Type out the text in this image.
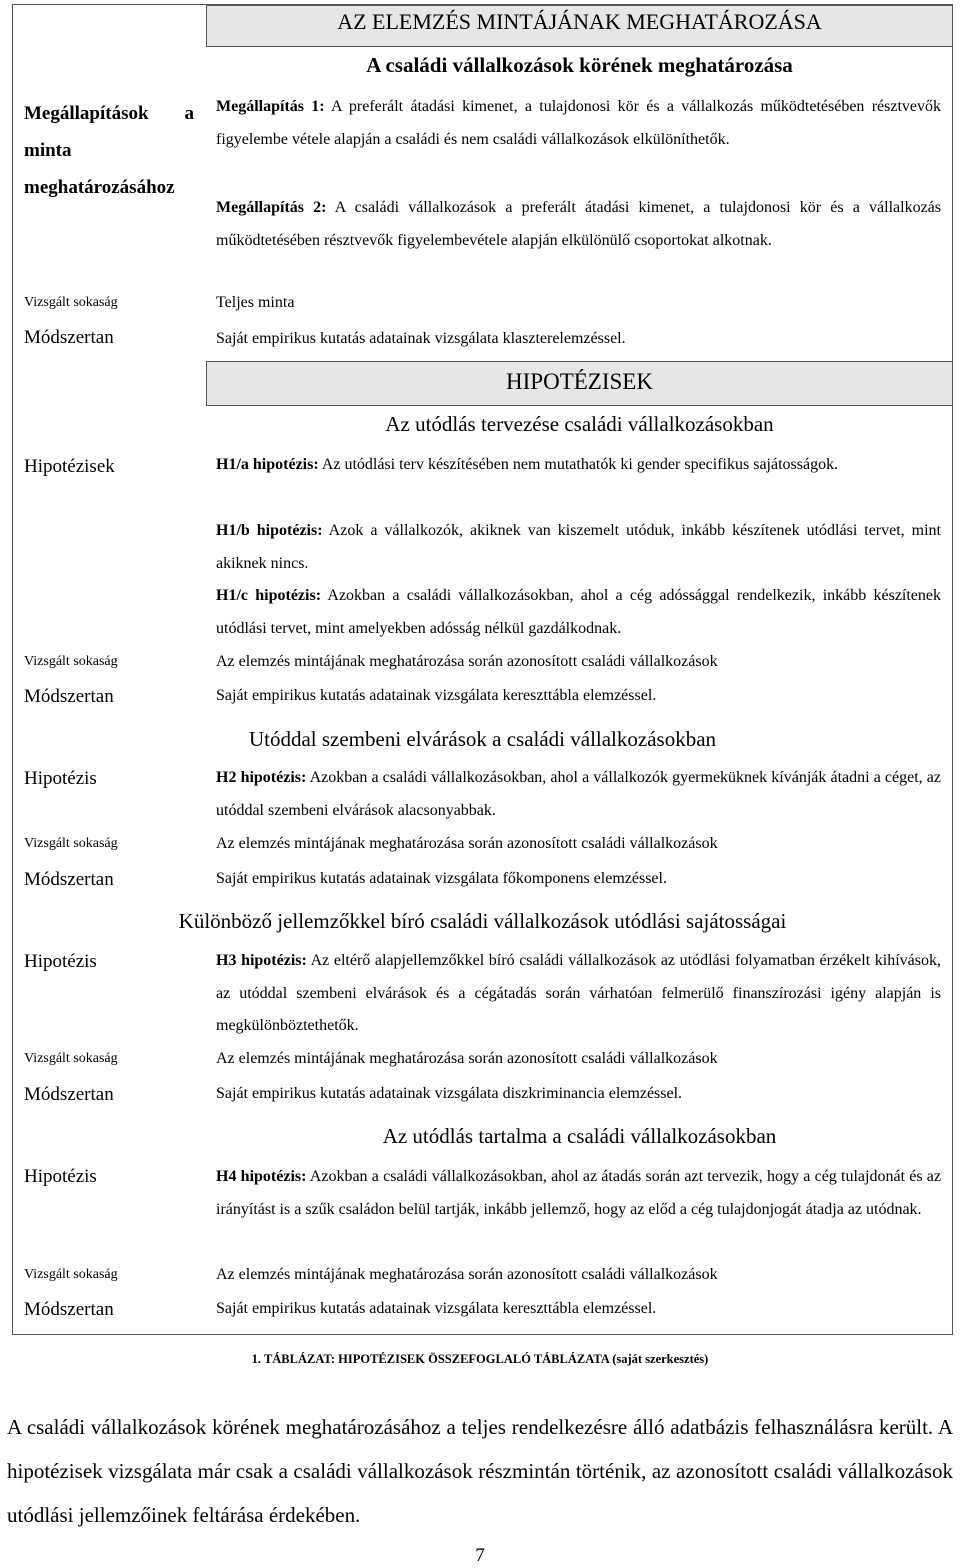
AZ ELEMZÉS MINTÁJÁNAK MEGHATÁROZÁSA
A családi vállalkozások körének meghatározása
Megállapítások a minta meghatározásához
Megállapítás 1: A preferált átadási kimenet, a tulajdonosi kör és a vállalkozás működtetésében résztvevők figyelembe vétele alapján a családi és nem családi vállalkozások elkülöníthetők.
Megállapítás 2: A családi vállalkozások a preferált átadási kimenet, a tulajdonosi kör és a vállalkozás működtetésében résztvevők figyelembevétele alapján elkülönülő csoportokat alkotnak.
Vizsgált sokaság	Teljes minta
Módszertan	Saját empirikus kutatás adatainak vizsgálata klaszterelemzéssel.
HIPOTÉZISEK
Az utódlás tervezése családi vállalkozásokban
Hipotézisek	H1/a hipotézis: Az utódlási terv készítésében nem mutathatók ki gender specifikus sajátosságok.
H1/b hipotézis: Azok a vállalkozók, akiknek van kiszemelt utóduk, inkább készítenek utódlási tervet, mint akiknek nincs.
H1/c hipotézis: Azokban a családi vállalkozásokban, ahol a cég adóssággal rendelkezik, inkább készítenek utódlási tervet, mint amelyekben adósság nélkül gazdálkodnak.
Vizsgált sokaság	Az elemzés mintájának meghatározása során azonosított családi vállalkozások
Módszertan	Saját empirikus kutatás adatainak vizsgálata kereszttábla elemzéssel.
Utóddal szembeni elvárások a családi vállalkozásokban
Hipotézis	H2 hipotézis: Azokban a családi vállalkozásokban, ahol a vállalkozók gyermeküknek kívánják átadni a céget, az utóddal szembeni elvárások alacsonyabbak.
Vizsgált sokaság	Az elemzés mintájának meghatározása során azonosított családi vállalkozások
Módszertan	Saját empirikus kutatás adatainak vizsgálata főkomponens elemzéssel.
Különböző jellemzőkkel bíró családi vállalkozások utódlási sajátosságai
Hipotézis	H3 hipotézis: Az eltérő alapjellemzőkkel bíró családi vállalkozások az utódlási folyamatban érzékelt kihívások, az utóddal szembeni elvárások és a cégátadás során várhatóan felmerülő finanszírozási igény alapján is megkülönböztethetők.
Vizsgált sokaság	Az elemzés mintájának meghatározása során azonosított családi vállalkozások
Módszertan	Saját empirikus kutatás adatainak vizsgálata diszkriminancia elemzéssel.
Az utódlás tartalma a családi vállalkozásokban
Hipotézis	H4 hipotézis: Azokban a családi vállalkozásokban, ahol az átadás során azt tervezik, hogy a cég tulajdonát és az irányítást is a szűk családon belül tartják, inkább jellemző, hogy az előd a cég tulajdonjogát átadja az utódnak.
Vizsgált sokaság	Az elemzés mintájának meghatározása során azonosított családi vállalkozások
Módszertan	Saját empirikus kutatás adatainak vizsgálata kereszttábla elemzéssel.
1. TÁBLÁZAT: HIPOTÉZISEK ÖSSZEFOGLALÓ TÁBLÁZATA (saját szerkesztés)
A családi vállalkozások körének meghatározásához a teljes rendelkezésre álló adatbázis felhasználásra került. A hipotézisek vizsgálata már csak a családi vállalkozások részmintán történik, az azonosított családi vállalkozások utódlási jellemzőinek feltárása érdekében.
7
